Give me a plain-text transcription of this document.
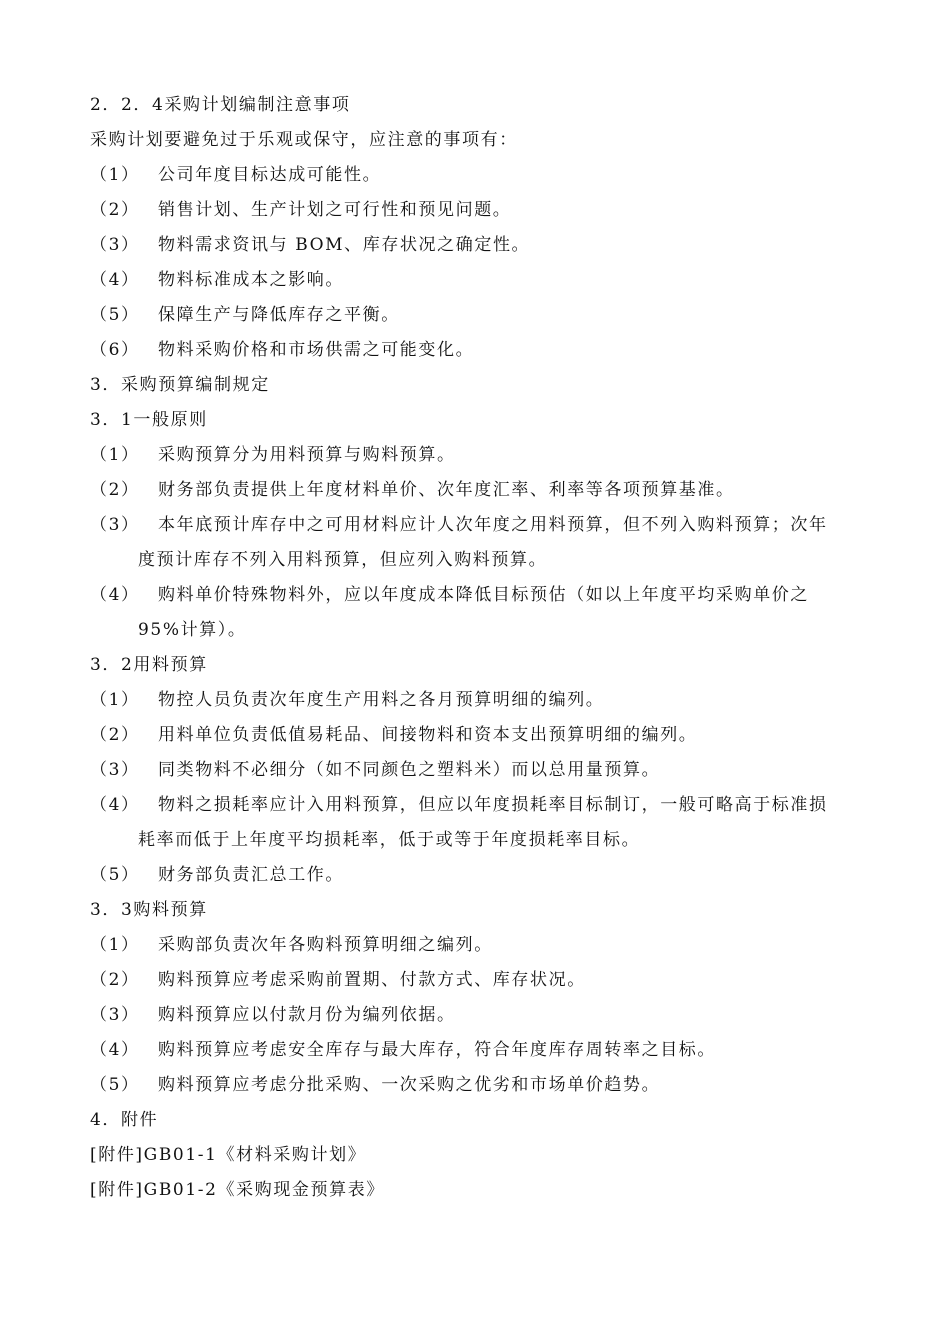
2．2．4采购计划编制注意事项
采购计划要避免过于乐观或保守，应注意的事项有：
（1）	公司年度目标达成可能性。
（2）	销售计划、生产计划之可行性和预见问题。
（3）	物料需求资讯与 BOM、库存状况之确定性。
（4）	物料标准成本之影响。
（5）	保障生产与降低库存之平衡。
（6）	物料采购价格和市场供需之可能变化。
3．采购预算编制规定
3．1一般原则
（1）	采购预算分为用料预算与购料预算。
（2）	财务部负责提供上年度材料单价、次年度汇率、利率等各项预算基准。
（3）	本年底预计库存中之可用材料应计人次年度之用料预算，但不列入购料预算；次年
度预计库存不列入用料预算，但应列入购料预算。
（4）	购料单价特殊物料外，应以年度成本降低目标预估（如以上年度平均采购单价之
95%计算）。
3．2用料预算
（1）	物控人员负责次年度生产用料之各月预算明细的编列。
（2）	用料单位负责低值易耗品、间接物料和资本支出预算明细的编列。
（3）	同类物料不必细分（如不同颜色之塑料米）而以总用量预算。
（4）	物料之损耗率应计入用料预算，但应以年度损耗率目标制订，一般可略高于标准损
耗率而低于上年度平均损耗率，低于或等于年度损耗率目标。
（5）	财务部负责汇总工作。
3．3购料预算
（1）	采购部负责次年各购料预算明细之编列。
（2）	购料预算应考虑采购前置期、付款方式、库存状况。
（3）	购料预算应以付款月份为编列依据。
（4）	购料预算应考虑安全库存与最大库存，符合年度库存周转率之目标。
（5）	购料预算应考虑分批采购、一次采购之优劣和市场单价趋势。
4．附件
[附件]GB01-1《材料采购计划》
[附件]GB01-2《采购现金预算表》
